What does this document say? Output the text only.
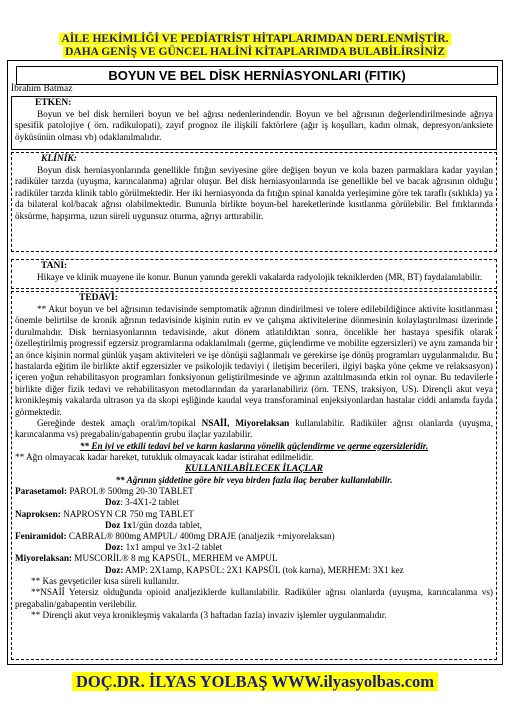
AİLE HEKİMLİĞİ VE PEDİATRİST HİTAPLARIMDAN DERLENMİŞTİR.
DAHA GENİŞ VE GÜNCEL HALİNİ KİTAPLARIMDA BULABİLİRSİNİZ
BOYUN VE BEL DİSK HERNİASYONLARI (FITIK)
İbrahim Batmaz

ETKEN:

Boyun ve bel disk hernileri boyun ve bel ağrısı nedenlerindendir. Boyun ve bel ağrısının değerlendirilmesinde ağrıya spesifik patolojiye ( örn. radikulopati), zayıf prognoz ile ilişkili faktörlere (ağır iş koşulları, kadın olmak, depresyon/anksiete öyküsünün olması vb) odaklanılmalıdır.

KLİNİK:

Boyun disk herniasyonlarında genellikle fıtığın seviyesine göre değişen boyun ve kola bazen parmaklara kadar yayılan radiküler tarzda (uyuşma, karıncalanma) ağrılar oluşur. Bel disk herniasyonlarında ise genellikle bel ve bacak ağrısının olduğu radiküler tarzda klinik tablo görülmektedir. Her iki herniasyonda da fıtığın spinal kanalda yerleşimine göre tek taraflı (sıklıkla) ya da bilateral kol/bacak ağrısı olabilmektedir. Bununla birlikte boyun-bel hareketlerinde kısıtlanma görülebilir. Bel fıtıklarında öksürme, hapşırma, uzun süreli uygunsuz oturma, ağrıyı arttırabilir.

TANI:

Hikaye ve klinik muayene ile konur. Bunun yanında gerekli vakalarda radyolojik tekniklerden (MR, BT) faydalanılabilir.

TEDAVİ:

** Akut boyun ve bel ağrısının tedavisinde semptomatik ağrının dindirilmesi ve tolere edilebildiğince aktivite kısıtlanması önemle belirtilse de kronik ağrının tedavisinde kişinin rutin ev ve çalışma aktivitelerine dönmesinin kolaylaştırılması üzerinde durulmalıdır. Disk herniasyonlarının tedavisinde, akut dönem atlatıldıktan sonra, öncelikle her hastaya spesifik olarak özelleştirilmiş progressif egzersiz programlarına odaklanılmalı (germe, güçlendirme ve mobilite egzersizleri) ve aynı zamanda bir an önce kişinin normal günlük yaşam aktiviteleri ve işe dönüşü sağlanmalı ve gerekirse işe dönüş programları uygulanmalıdır. Bu hastalarda eğitim ile birlikte aktif egzersizler ve psikolojik tedaviyi ( iletişim becerileri, ilgiyi başka yöne çekme ve relaksasyon) içeren yoğun rehabilitasyon programları fonksiyonun geliştirilmesinde ve ağrının azaltılmasında etkin rol oynar. Bu tedavilerle birlikte diğer fizik tedavi ve rehabilitasyon metodlarından da yararlanabiliriz (örn. TENS, traksiyon, US). Dirençli akut veya kronikleşmiş vakalarda ultrason ya da skopi eşliğinde kaudal veya transforaminal enjeksiyonlardan hastalar ciddi anlamda fayda görmektedir.

Gereğinde destek amaçlı oral/im/topikal NSAİİ, Miyorelaksan kullanılabilir. Radiküler ağrısı olanlarda (uyuşma, karıncalanma vs) pregabalin/gabapentin grubu ilaçlar yazılabilir.

** En iyi ve etkili tedavi bel ve karın kaslarına yönelik güçlendirme ve germe egzersizleridir.

** Ağrı olmayacak kadar hareket, tutukluk olmayacak kadar istirahat edilmelidir.

KULLANILABİLECEK İLAÇLAR

** Ağrının şiddetine göre bir veya birden fazla ilaç beraber kullanılabilir.

Parasetamol: PAROL® 500mg 20-30 TABLET

Doz: 3-4X1-2 tablet

Naproksen: NAPROSYN CR 750 mg TABLET

Doz 1x1/gün dozda tablet,

Feniramidol: CABRAL® 800mg AMPUL/ 400mg DRAJE (analjezik +miyorelaksan)

Doz: 1x1 ampul ve 3x1-2 tablet

Miyorelaksan: MUSCORİL® 8 mg KAPSÜL, MERHEM ve AMPUL

Doz: AMP: 2X1amp, KAPSÜL: 2X1 KAPSÜL (tok karna), MERHEM: 3X1 kez

** Kas gevşeticiler kısa süreli kullanılır.

**NSAİİ Yetersiz olduğunda opioid analjeziklerde kullanılabilir. Radiküler ağrısı olanlarda (uyuşma, karıncalanma vs) pregabalin/gabapentin verilebilir.

** Dirençli akut veya kronikleşmiş vakalarda (3 haftadan fazla) invaziv işlemler uygulanmalıdır.

DOÇ.DR. İLYAS YOLBAŞ WWW.ilyasyolbas.com
